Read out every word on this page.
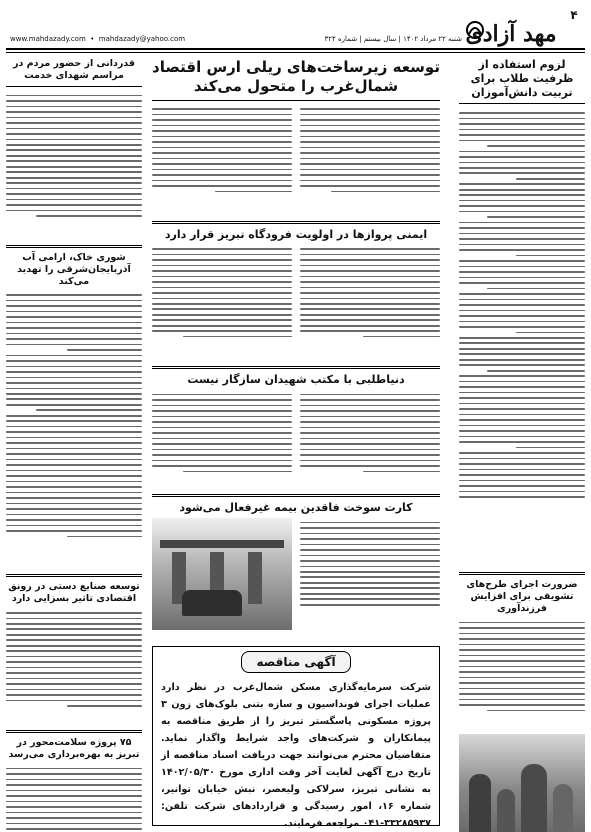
۴
مهد آزادی
شنبه ۲۲ مرداد ۱۴۰۲ | سال بیستم | شماره ۳۲۴
www.mahdazady.com  •  mahdazady@yahoo.com
لزوم استفاده از ظرفیت طلاب برای تربیت دانش‌آموزان
ضرورت اجرای طرح‌های تشویقی برای افزایش فرزندآوری
توسعه زیرساخت‌های ریلی ارس اقتصاد شمال‌غرب را متحول می‌کند
ایمنی پروازها در اولویت فرودگاه تبریز قرار دارد
دنیاطلبی با مکتب شهیدان سازگار نیست
کارت سوخت فاقدین بیمه غیرفعال می‌شود
آگهی مناقصه
شرکت سرمایه‌گذاری مسکن شمال‌غرب در نظر دارد عملیات اجرای فونداسیون و سازه بتنی بلوک‌های زون ۳ پروژه مسکونی پاسگستر تبریز را از طریق مناقصه به پیمانکاران و شرکت‌های واجد شرایط واگذار نماید. متقاضیان محترم می‌توانند جهت دریافت اسناد مناقصه از تاریخ درج آگهی لغایت آخر وقت اداری مورخ ۱۴۰۲/۰۵/۳۰ به نشانی تبریز، سرلاکی ولیعصر، نبش خیابان توانیر، شماره ۱۶، امور رسیدگی و قراردادهای شرکت تلفن: ۳۳۲۸۵۹۳۷-۰۴۱ مراجعه فرمایند.
قدردانی از حضور مردم در مراسم شهدای خدمت
شوری خاک، ارامی آب آذربایجان‌شرقی را تهدید می‌کند
توسعه صنایع دستی در رونق اقتصادی تاثیر بسزایی دارد
۷۵ پروژه سلامت‌محور در تبریز به بهره‌برداری می‌رسد
